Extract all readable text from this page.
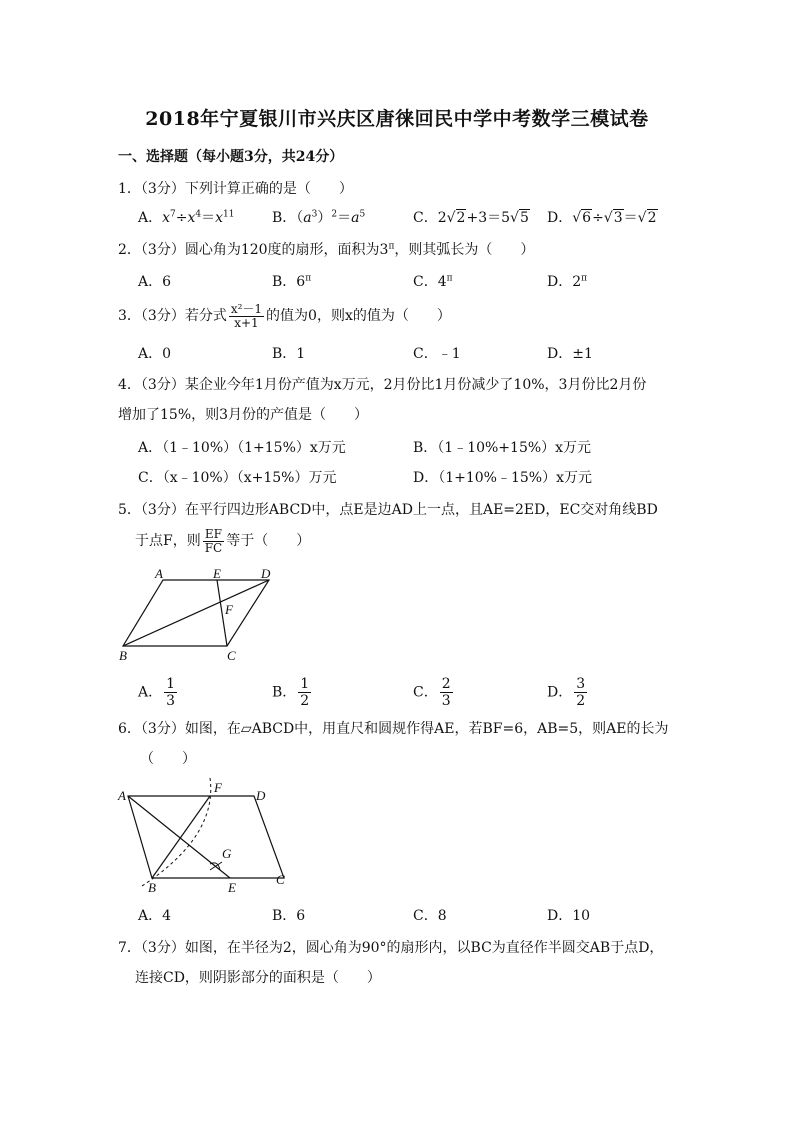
2018年宁夏银川市兴庆区唐徕回民中学中考数学三模试卷
一、选择题（每小题3分，共24分）
1．（3分）下列计算正确的是（　　）
A．$x^7\div x^4=x^{11}$	B．$(a^3)^2=a^5$	C．2√2+3＝5√5 D．√6÷√3＝√2
2．（3分）圆心角为120度的扇形，面积为$3^\pi$，则其弧长为（　　）
A．6	B．$6^\pi$	C．$4^\pi$	D．$2^\pi$
3．（3分）若分式 $\frac{\text{x²－1}}{x+1}$ 的值为0，则x的值为（　　）
A．0	B．1	C．﹣1	D．±1
4．（3分）某企业今年1月份产值为x万元，2月份比1月份减少了10%，3月份比2月份
增加了15%，则3月份的产值是（　　）
A．（1﹣10%）（1+15%）x万元	B．（1﹣10%+15%）x万元
C．（x﹣10%）（x+15%）万元	D．（1+10%﹣15%）x万元
5．（3分）在平行四边形ABCD中，点E是边AD上一点，且AE=2ED，EC交对角线BD
于点F，则 $\frac{EF}{FC}$ 等于（　　）
A	E	D
F
B	C
A． $\frac{1}{3}$	B． $\frac{1}{2}$	C． $\frac{2}{3}$	D． $\frac{3}{2}$
6．（3分）如图，在▱ABCD中，用直尺和圆规作得AE，若BF=6，AB=5，则AE的长为
（　　）
A
F
D
G
B	E
C
A．4	B．6	C．8	D．10
7．（3分）如图，在半径为2，圆心角为90°的扇形内，以BC为直径作半圆交AB于点D，
连接CD，则阴影部分的面积是（　　）
